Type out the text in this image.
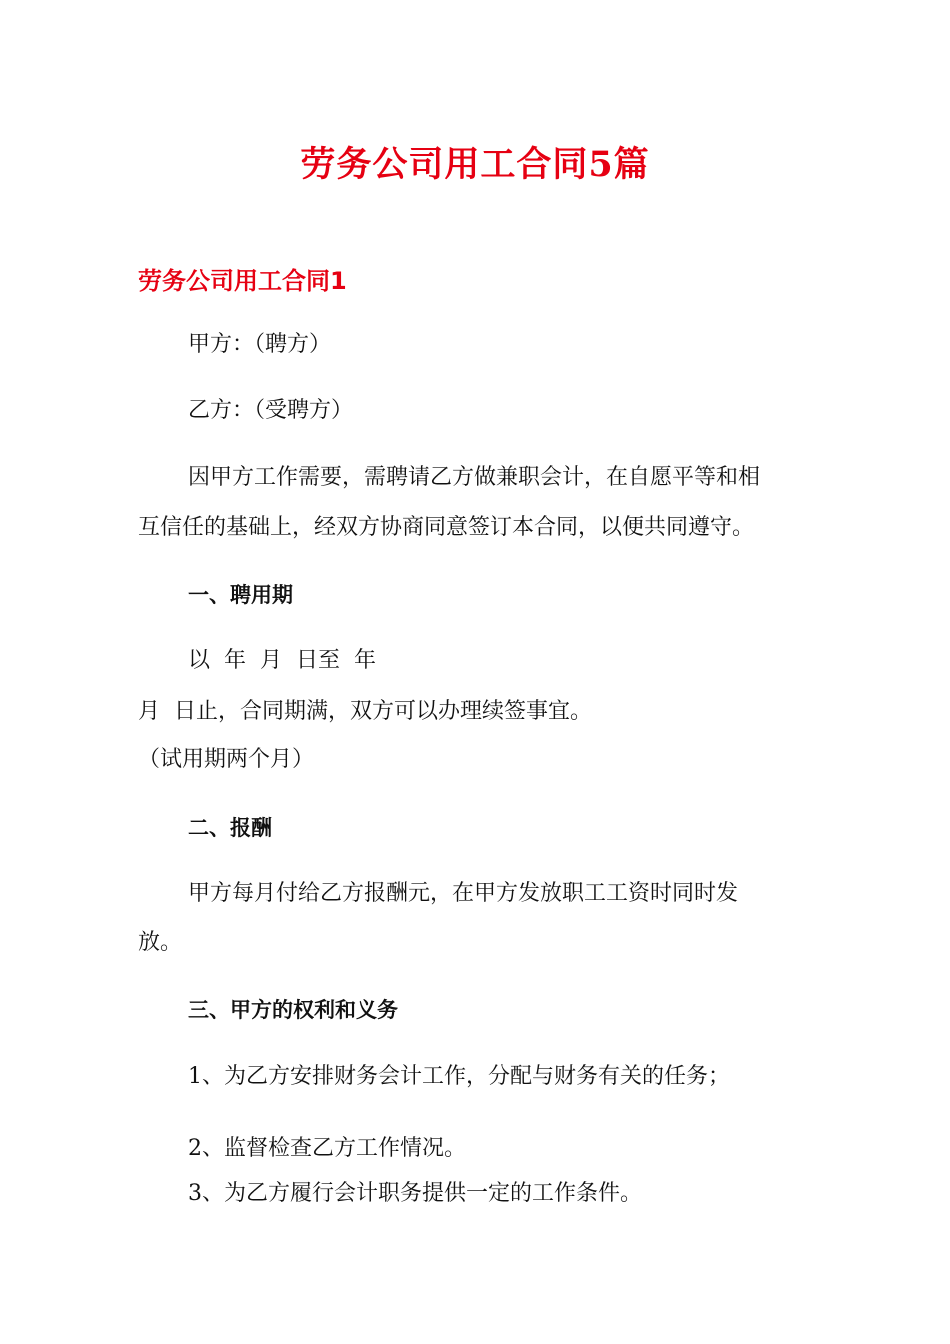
劳务公司用工合同5篇
劳务公司用工合同1
甲方：（聘方）
乙方：（受聘方）
因甲方工作需要，需聘请乙方做兼职会计，在自愿平等和相
互信任的基础上，经双方协商同意签订本合同，以便共同遵守。
一、聘用期
以  年  月  日至  年
月  日止，合同期满，双方可以办理续签事宜。
（试用期两个月）
二、报酬
甲方每月付给乙方报酬元，在甲方发放职工工资时同时发
放。
三、甲方的权利和义务
1、为乙方安排财务会计工作，分配与财务有关的任务；
2、监督检查乙方工作情况。
3、为乙方履行会计职务提供一定的工作条件。
